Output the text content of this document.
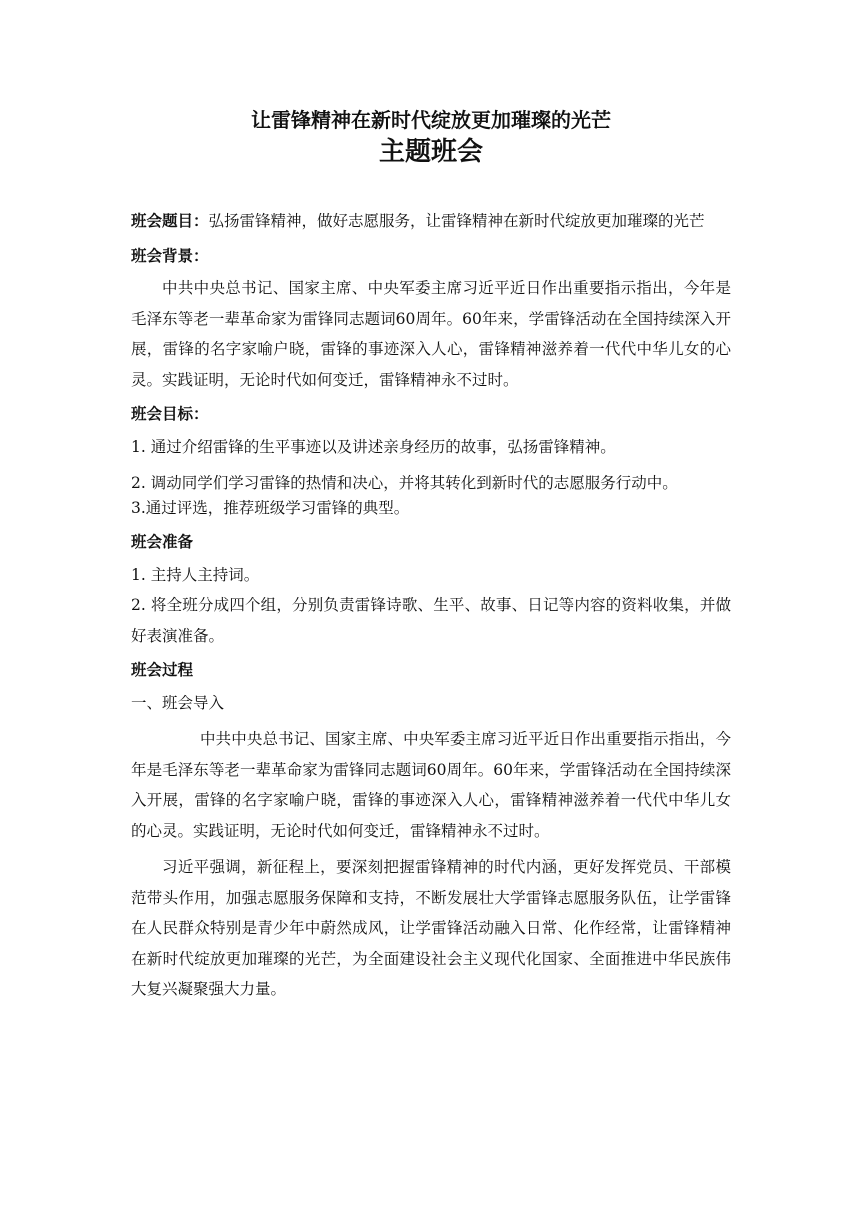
让雷锋精神在新时代绽放更加璀璨的光芒

主题班会

班会题目：弘扬雷锋精神，做好志愿服务，让雷锋精神在新时代绽放更加璀璨的光芒

班会背景：

中共中央总书记、国家主席、中央军委主席习近平近日作出重要指示指出，今年是毛泽东等老一辈革命家为雷锋同志题词60周年。60年来，学雷锋活动在全国持续深入开展，雷锋的名字家喻户晓，雷锋的事迹深入人心，雷锋精神滋养着一代代中华儿女的心灵。实践证明，无论时代如何变迁，雷锋精神永不过时。

班会目标：

1. 通过介绍雷锋的生平事迹以及讲述亲身经历的故事，弘扬雷锋精神。

2. 调动同学们学习雷锋的热情和决心，并将其转化到新时代的志愿服务行动中。

3.通过评选，推荐班级学习雷锋的典型。

班会准备

1. 主持人主持词。

2. 将全班分成四个组，分别负责雷锋诗歌、生平、故事、日记等内容的资料收集，并做好表演准备。

班会过程

一、班会导入

中共中央总书记、国家主席、中央军委主席习近平近日作出重要指示指出，今年是毛泽东等老一辈革命家为雷锋同志题词60周年。60年来，学雷锋活动在全国持续深入开展，雷锋的名字家喻户晓，雷锋的事迹深入人心，雷锋精神滋养着一代代中华儿女的心灵。实践证明，无论时代如何变迁，雷锋精神永不过时。

习近平强调，新征程上，要深刻把握雷锋精神的时代内涵，更好发挥党员、干部模范带头作用，加强志愿服务保障和支持，不断发展壮大学雷锋志愿服务队伍，让学雷锋在人民群众特别是青少年中蔚然成风，让学雷锋活动融入日常、化作经常，让雷锋精神在新时代绽放更加璀璨的光芒，为全面建设社会主义现代化国家、全面推进中华民族伟大复兴凝聚强大力量。
